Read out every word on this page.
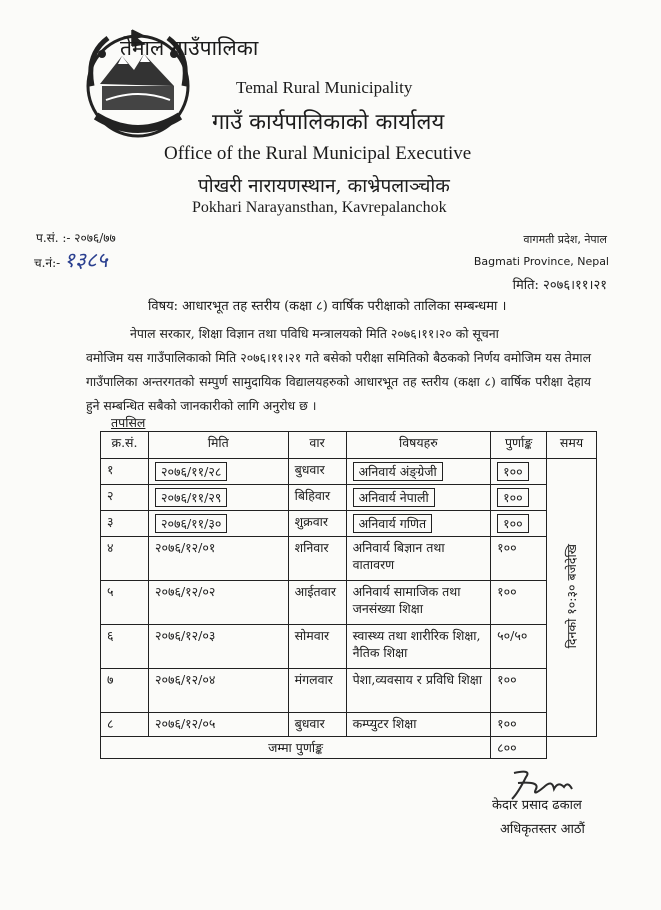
तेमाल गाउँपालिका
Temal Rural Municipality
गाउँ कार्यपालिकाको कार्यालय
Office of the Rural Municipal Executive
पोखरी नारायणस्थान, काभ्रेपलाञ्चोक
Pokhari Narayansthan, Kavrepalanchok
प.सं. :- २०७६/७७
च.नं:- १३८५
वागमती प्रदेश, नेपाल
Bagmati Province, Nepal
मिति: २०७६।११।२१
विषय: आधारभूत तह स्तरीय (कक्षा ८) वार्षिक परीक्षाको तालिका सम्बन्धमा ।
नेपाल सरकार, शिक्षा विज्ञान तथा पविधि मन्त्रालयको मिति २०७६।११।२० को सूचना
वमोजिम यस गाउँपालिकाको मिति २०७६।११।२१ गते बसेको परीक्षा समितिको बैठकको निर्णय वमोजिम यस तेमाल गाउँपालिका अन्तरगतको सम्पुर्ण सामुदायिक विद्यालयहरुको आधारभूत तह स्तरीय (कक्षा ८) वार्षिक परीक्षा देहाय हुने सम्बन्धित सबैको जानकारीको लागि अनुरोध छ ।
तपसिल
क्र.सं.	मिति	वार	विषयहरु	पुर्णाङ्क	समय
१	२०७६/११/२८	बुधवार	अनिवार्य अंङ्ग्रेजी	१००	दिनको १०:३० बजेदेखि
२	२०७६/११/२९	बिहिवार	अनिवार्य नेपाली	१००	
३	२०७६/११/३०	शुक्रवार	अनिवार्य गणित	१००	
४	२०७६/१२/०१	शनिवार	अनिवार्य बिज्ञान तथा वातावरण	१००	
५	२०७६/१२/०२	आईतवार	अनिवार्य सामाजिक तथा जनसंख्या शिक्षा	१००	
६	२०७६/१२/०३	सोमवार	स्वास्थ्य तथा शारीरिक शिक्षा, नैतिक शिक्षा	५०/५०	
७	२०७६/१२/०४	मंगलवार	पेशा,व्यवसाय र प्रविधि शिक्षा	१००	
८	२०७६/१२/०५	बुधवार	कम्प्युटर शिक्षा	१००	
जम्मा पुर्णाङ्क				८००	
केदार प्रसाद ढकाल
अधिकृतस्तर आठौं
